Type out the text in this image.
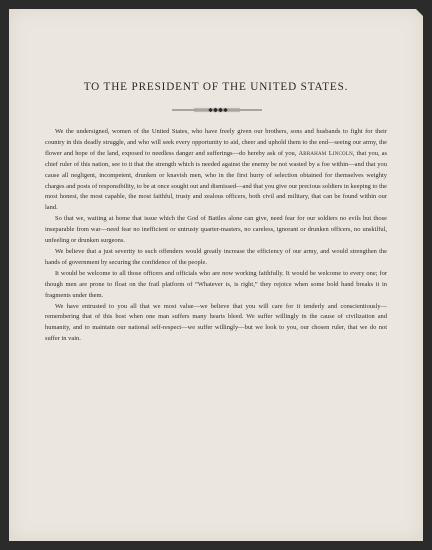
TO THE PRESIDENT OF THE UNITED STATES.

We the undersigned, women of the United States, who have freely given our brothers, sons and husbands to fight for their country in this deadly struggle, and who will seek every opportunity to aid, cheer and uphold them to the end—seeing our army, the flower and hope of the land, exposed to needless danger and sufferings—do hereby ask of you, Abraham Lincoln, that you, as chief ruler of this nation, see to it that the strength which is needed against the enemy be not wasted by a foe within—and that you cause all negligent, incompetent, drunken or knavish men, who in the first hurry of selection obtained for themselves weighty charges and posts of responsibility, to be at once sought out and dismissed—and that you give our precious soldiers in keeping to the most honest, the most capable, the most faithful, trusty and zealous officers, both civil and military, that can be found within our land.

So that we, waiting at home that issue which the God of Battles alone can give, need fear for our soldiers no evils but those inseparable from war—need fear no inefficient or untrusty quarter-masters, no careless, ignorant or drunken officers, no unskilful, unfeeling or drunken surgeons.

We believe that a just severity to such offenders would greatly increase the efficiency of our army, and would strengthen the hands of government by securing the confidence of the people.

It would be welcome to all those officers and officials who are now working faithfully. It would be welcome to every one; for though men are prone to float on the frail platform of “Whatever is, is right,” they rejoice when some bold hand breaks it in fragments under them.

We have entrusted to you all that we most value—we believe that you will care for it tenderly and conscientiously—remembering that of this host when one man suffers many hearts bleed. We suffer willingly in the cause of civilization and humanity, and to maintain our national self-respect—we suffer willingly—but we look to you, our chosen ruler, that we do not suffer in vain.
